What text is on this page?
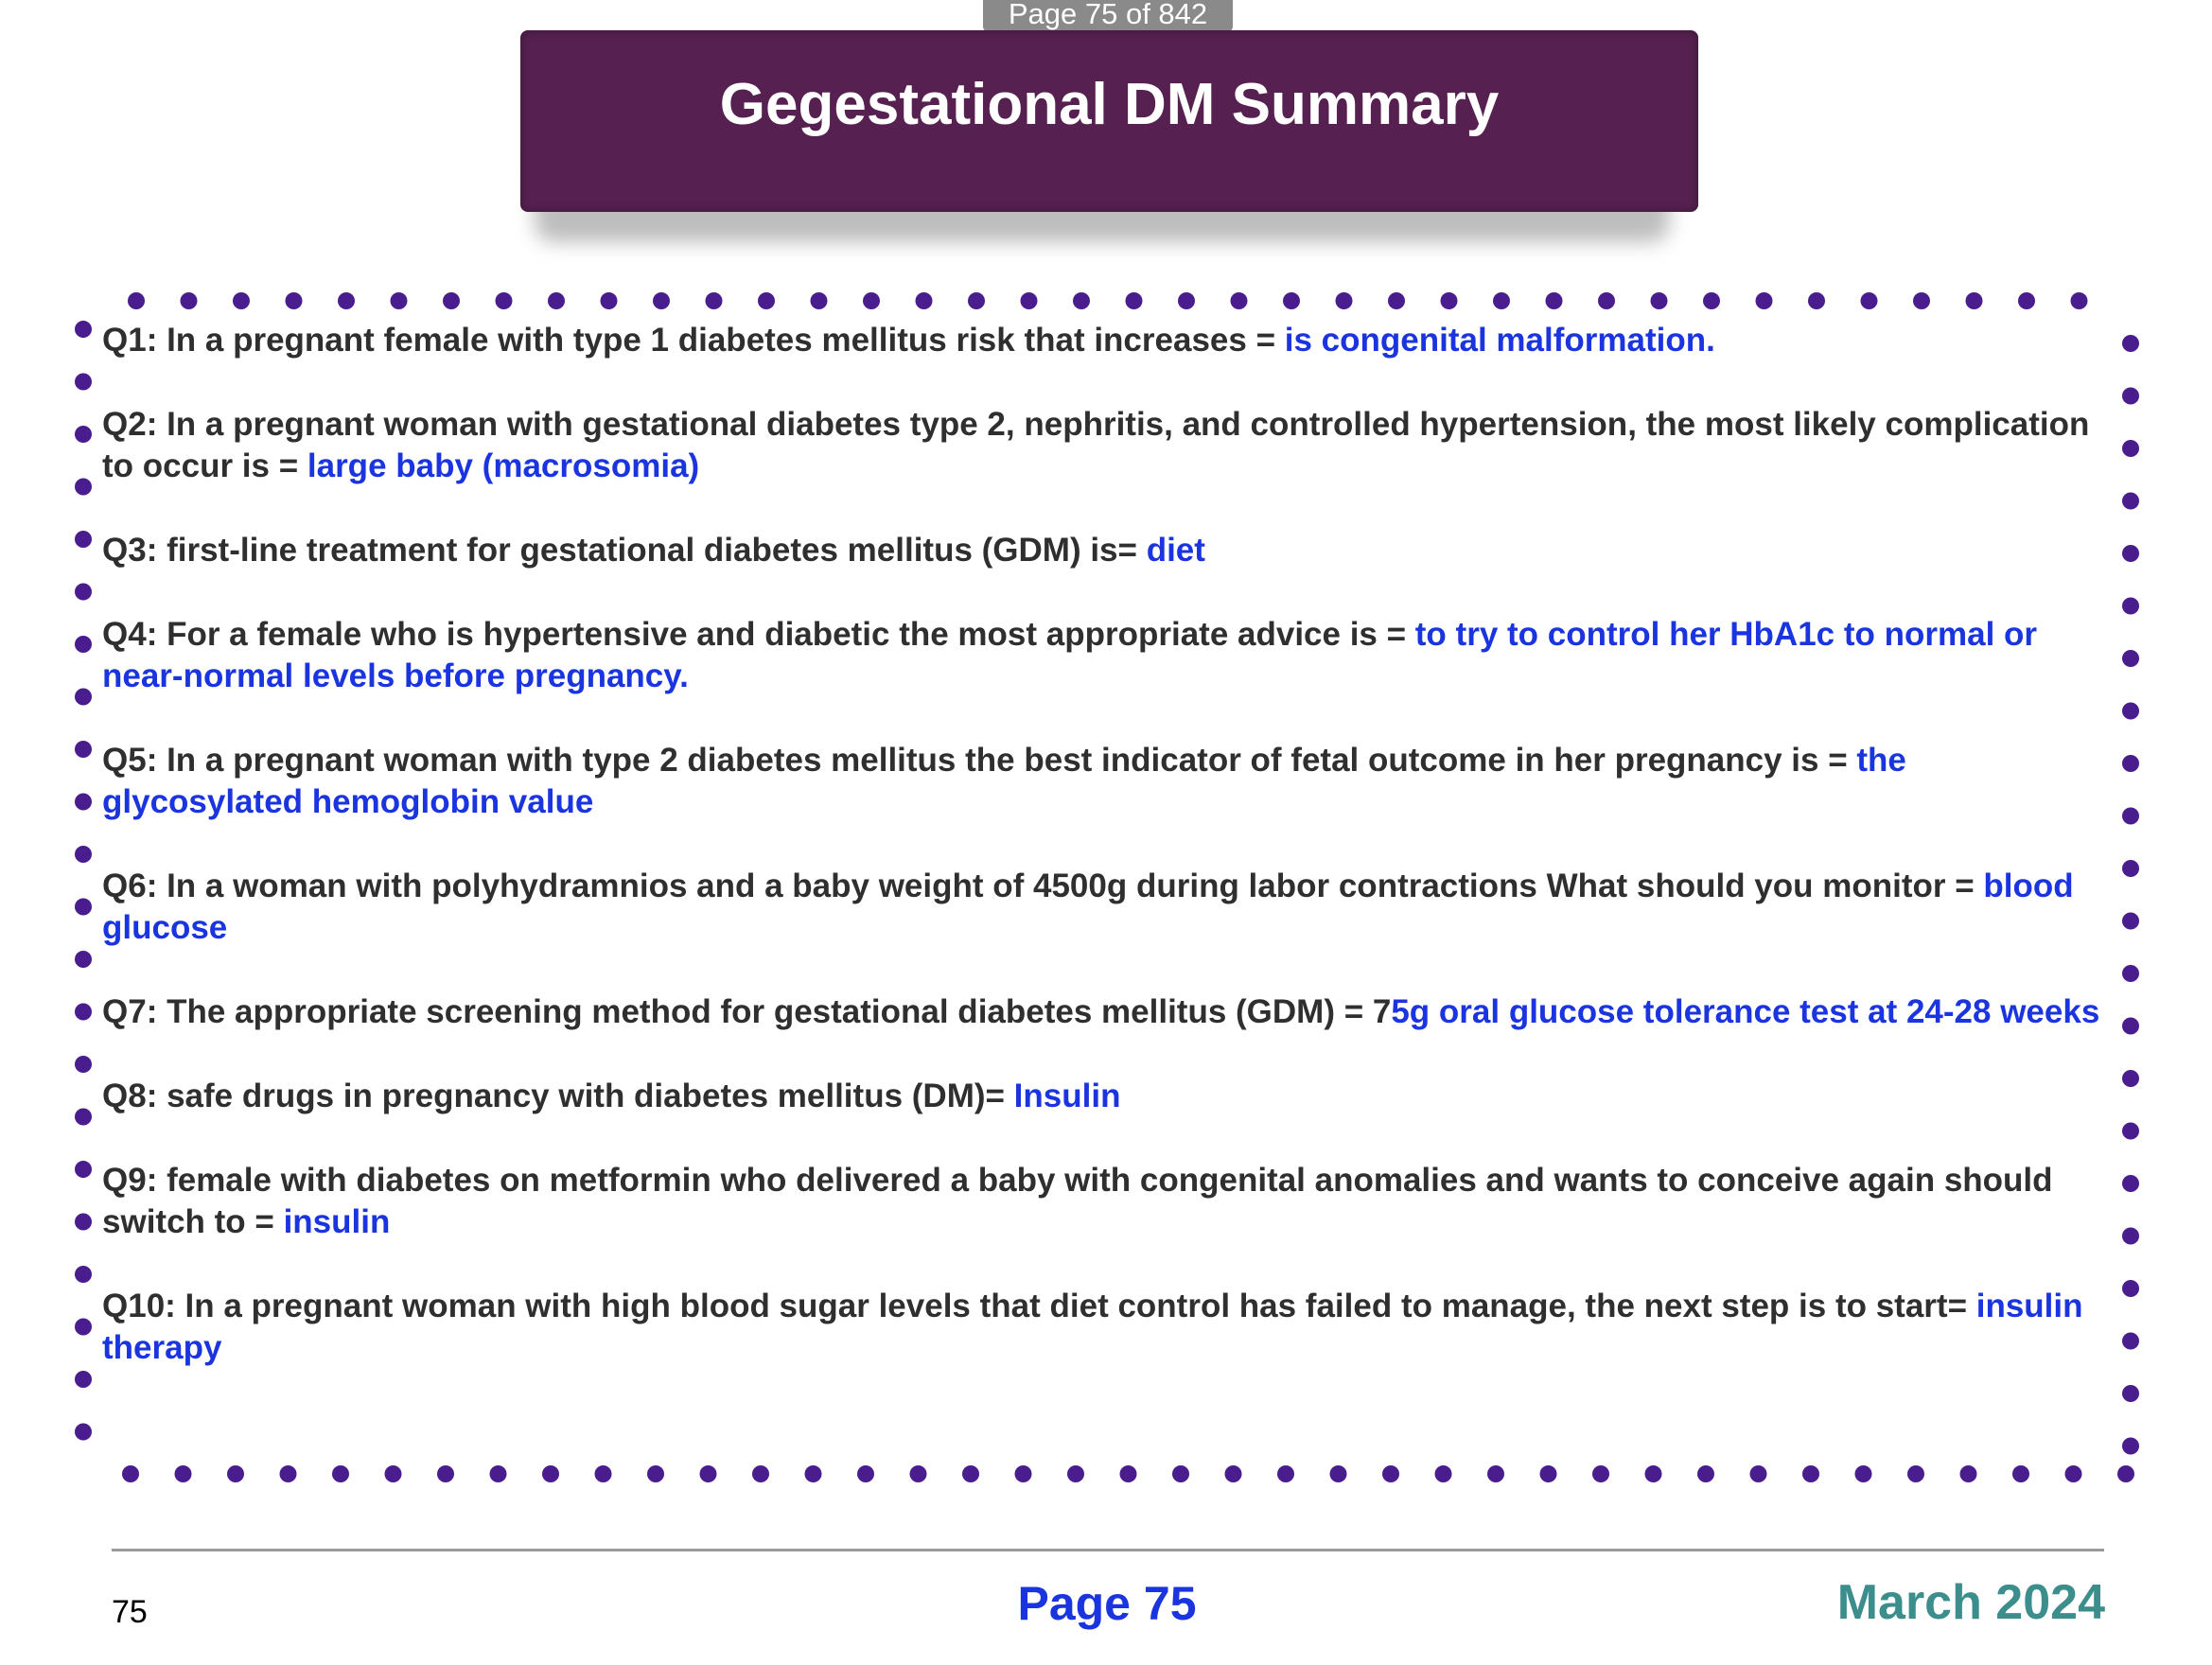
Page 75 of 842
Gegestational DM Summary
Q1: In a pregnant female with type 1 diabetes mellitus risk that increases = is congenital malformation.
Q2: In a pregnant woman with gestational diabetes type 2, nephritis, and controlled hypertension, the most likely complication to occur is = large baby (macrosomia)
Q3: first-line treatment for gestational diabetes mellitus (GDM) is= diet
Q4: For a female who is hypertensive and diabetic the most appropriate advice is = to try to control her HbA1c to normal or near-normal levels before pregnancy.
Q5: In a pregnant woman with type 2 diabetes mellitus the best indicator of fetal outcome in her pregnancy is = the glycosylated hemoglobin value
Q6: In a woman with polyhydramnios and a baby weight of 4500g during labor contractions What should you monitor = blood glucose
Q7: The appropriate screening method for gestational diabetes mellitus (GDM) = 75g oral glucose tolerance test at 24-28 weeks
Q8: safe drugs in pregnancy with diabetes mellitus (DM)= Insulin
Q9: female with diabetes on metformin who delivered a baby with congenital anomalies and wants to conceive again should switch to = insulin
Q10: In a pregnant woman with high blood sugar levels that diet control has failed to manage, the next step is to start= insulin therapy
75	Page 75	March 2024
